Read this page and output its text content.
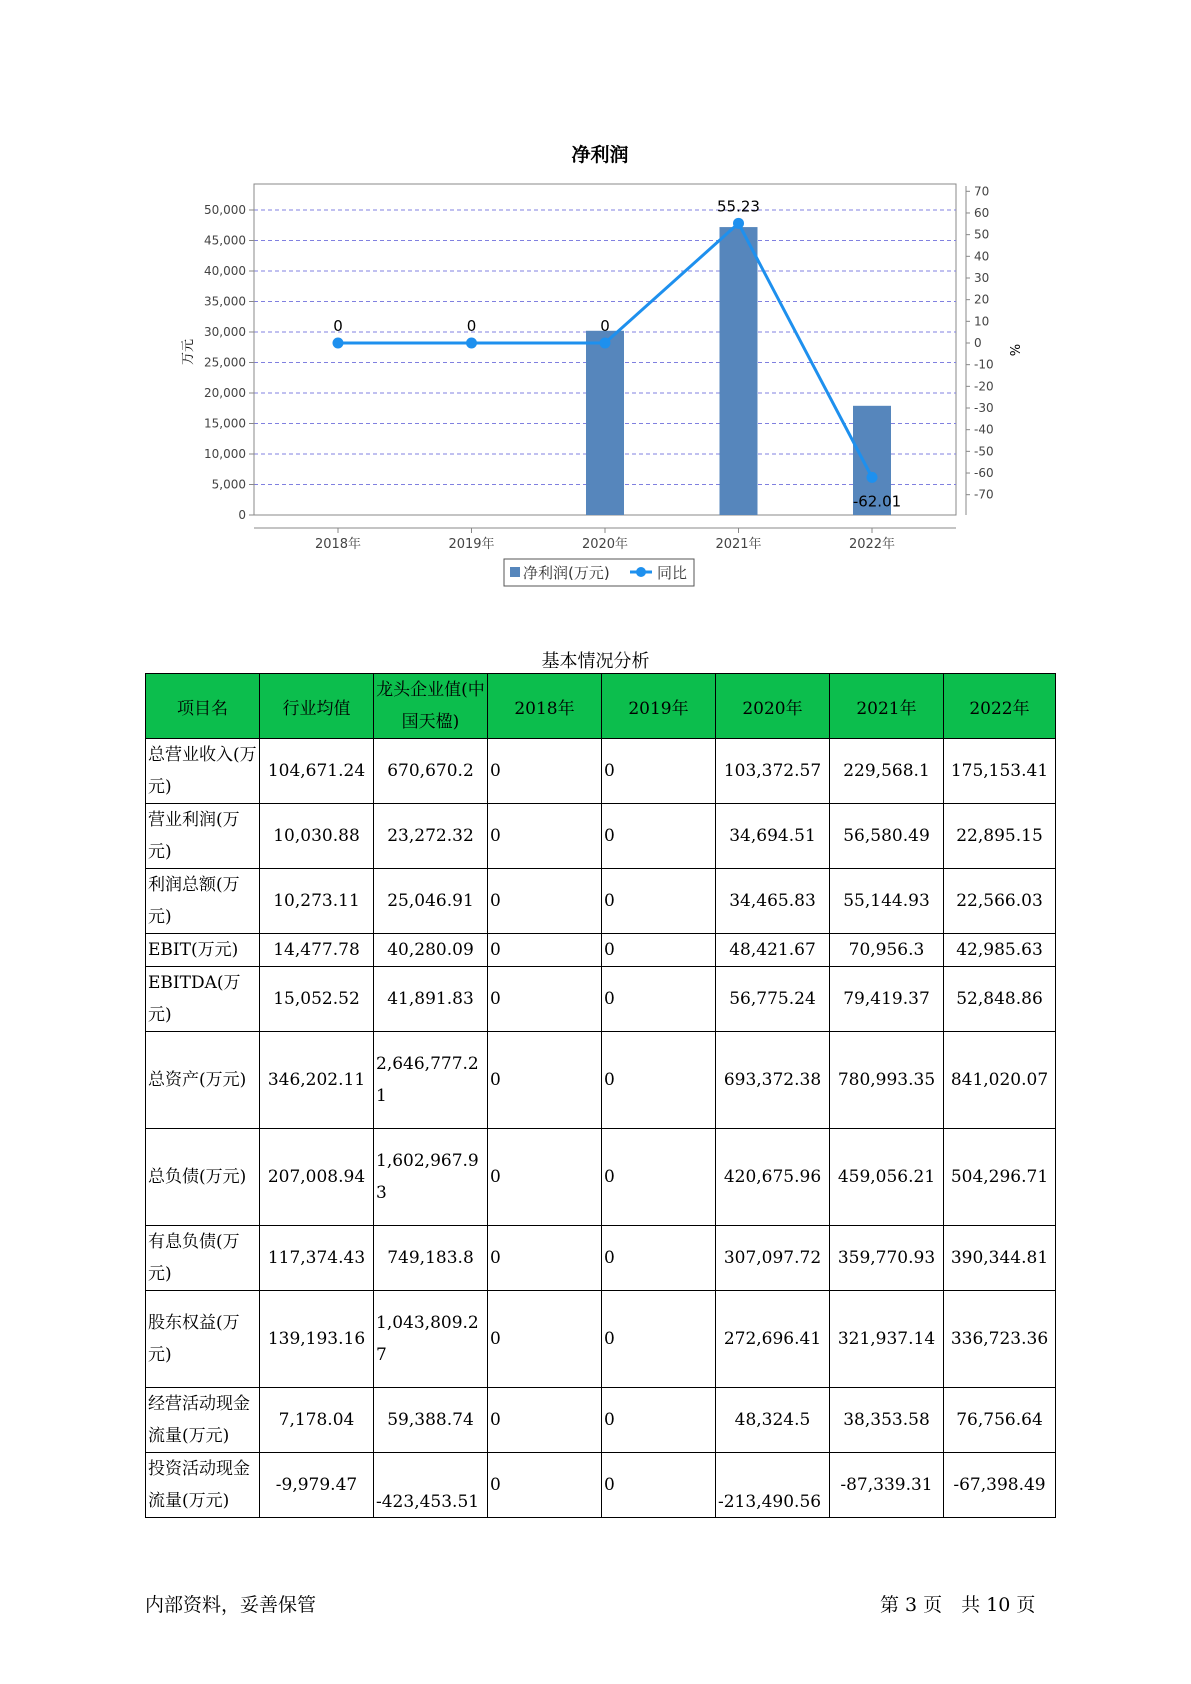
净利润
0
5,000
10,000
15,000
20,000
25,000
30,000
35,000
40,000
45,000
50,000
-70
-60
-50
-40
-30
-20
-10
0
10
20
30
40
50
60
70
2018年	2019年	2020年	2021年	2022年
0	0	0
55.23
-62.01
万元	%
净利润(万元)	同比
基本情况分析
项目名	行业均值	龙头企业值(中国天楹)	2018年	2019年	2020年	2021年	2022年
总营业收入(万元)	104,671.24	670,670.2	0	0	103,372.57	229,568.1	175,153.41
营业利润(万元)	10,030.88	23,272.32	0	0	34,694.51	56,580.49	22,895.15
利润总额(万元)	10,273.11	25,046.91	0	0	34,465.83	55,144.93	22,566.03
EBIT(万元)	14,477.78	40,280.09	0	0	48,421.67	70,956.3	42,985.63
EBITDA(万元)	15,052.52	41,891.83	0	0	56,775.24	79,419.37	52,848.86
总资产(万元)	346,202.11	2,646,777.21	0	0	693,372.38	780,993.35	841,020.07
总负债(万元)	207,008.94	1,602,967.93	0	0	420,675.96	459,056.21	504,296.71
有息负债(万元)	117,374.43	749,183.8	0	0	307,097.72	359,770.93	390,344.81
股东权益(万元)	139,193.16	1,043,809.27	0	0	272,696.41	321,937.14	336,723.36
经营活动现金流量(万元)	7,178.04	59,388.74	0	0	48,324.5	38,353.58	76,756.64
投资活动现金流量(万元)	-9,979.47	-423,453.51	0	0	-213,490.56	-87,339.31	-67,398.49
内部资料，妥善保管	第 3 页　共 10 页
